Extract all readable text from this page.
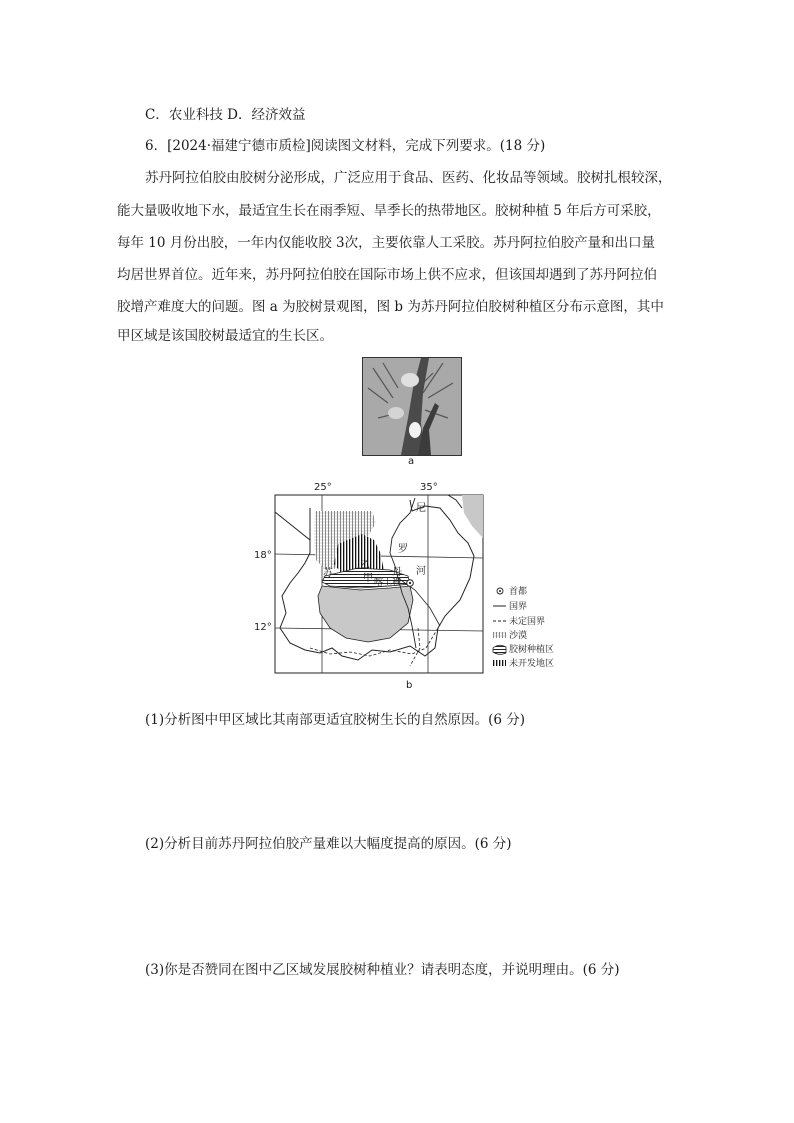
C．农业科技 D．经济效益
6．[2024·福建宁德市质检]阅读图文材料，完成下列要求。(18 分)
苏丹阿拉伯胶由胶树分泌形成，广泛应用于食品、医药、化妆品等领域。胶树扎根较深，
能大量吸收地下水，最适宜生长在雨季短、旱季长的热带地区。胶树种植 5 年后方可采胶，
每年 10 月份出胶，一年内仅能收胶 3次，主要依靠人工采胶。苏丹阿拉伯胶产量和出口量
均居世界首位。近年来，苏丹阿拉伯胶在国际市场上供不应求，但该国却遇到了苏丹阿拉伯
胶增产难度大的问题。图 a 为胶树景观图，图 b 为苏丹阿拉伯胶树种植区分布示意图，其中
甲区域是该国胶树最适宜的生长区。
a
25°	35°
18°
12°
尼
罗
苏	丹 河
乙
甲 喀土穆
首都
国界
未定国界
沙漠
胶树种植区
未开发地区
b
(1)分析图中甲区域比其南部更适宜胶树生长的自然原因。(6 分)
(2)分析目前苏丹阿拉伯胶产量难以大幅度提高的原因。(6 分)
(3)你是否赞同在图中乙区域发展胶树种植业？请表明态度，并说明理由。(6 分)
